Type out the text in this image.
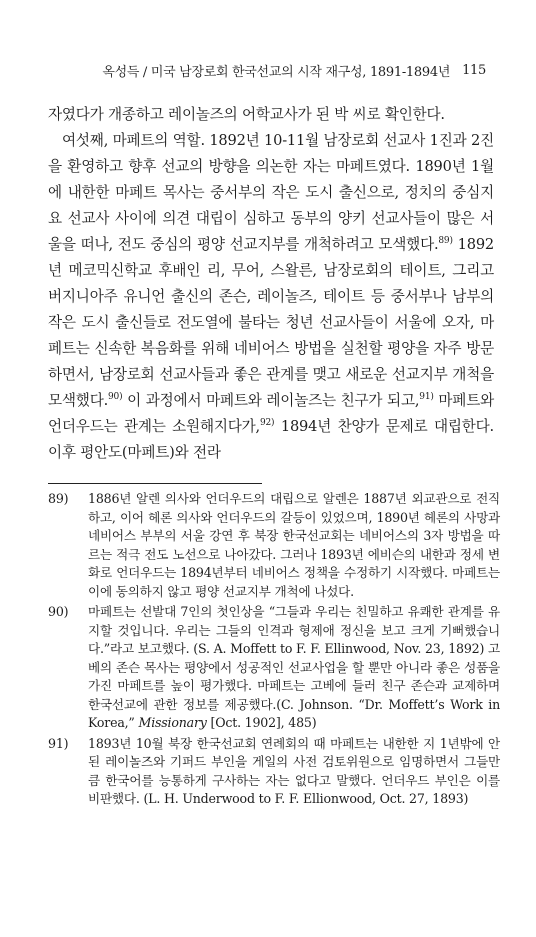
옥성득 / 미국 남장로회 한국선교의 시작 재구성, 1891-1894년 115

자였다가 개종하고 레이놀즈의 어학교사가 된 박 씨로 확인한다.

여섯째, 마페트의 역할. 1892년 10-11월 남장로회 선교사 1진과 2진을 환영하고 향후 선교의 방향을 의논한 자는 마페트였다. 1890년 1월에 내한한 마페트 목사는 중서부의 작은 도시 출신으로, 정치의 중심지요 선교사 사이에 의견 대립이 심하고 동부의 양키 선교사들이 많은 서울을 떠나, 전도 중심의 평양 선교지부를 개척하려고 모색했다.$^{89)}$ 1892년 메코믹신학교 후배인 리, 무어, 스왈른, 남장로회의 테이트, 그리고 버지니아주 유니언 출신의 존슨, 레이놀즈, 테이트 등 중서부나 남부의 작은 도시 출신들로 전도열에 불타는 청년 선교사들이 서울에 오자, 마페트는 신속한 복음화를 위해 네비어스 방법을 실천할 평양을 자주 방문하면서, 남장로회 선교사들과 좋은 관계를 맺고 새로운 선교지부 개척을 모색했다.$^{90)}$ 이 과정에서 마페트와 레이놀즈는 친구가 되고,$^{91)}$ 마페트와 언더우드는 관계는 소원해지다가,$^{92)}$ 1894년 찬양가 문제로 대립한다. 이후 평안도(마페트)와 전라

89)	1886년 알렌 의사와 언더우드의 대립으로 알렌은 1887년 외교관으로 전직하고, 이어 헤론 의사와 언더우드의 갈등이 있었으며, 1890년 헤론의 사망과 네비어스 부부의 서울 강연 후 북장 한국선교회는 네비어스의 3자 방법을 따르는 적극 전도 노선으로 나아갔다. 그러나 1893년 에비슨의 내한과 정세 변화로 언더우드는 1894년부터 네비어스 정책을 수정하기 시작했다. 마페트는 이에 동의하지 않고 평양 선교지부 개척에 나섰다.
90)	마페트는 선발대 7인의 첫인상을 “그들과 우리는 친밀하고 유쾌한 관계를 유지할 것입니다. 우리는 그들의 인격과 형제애 정신을 보고 크게 기뻐했습니다.”라고 보고했다. (S. A. Moffett to F. F. Ellinwood, Nov. 23, 1892) 고베의 존슨 목사는 평양에서 성공적인 선교사업을 할 뿐만 아니라 좋은 성품을 가진 마페트를 높이 평가했다. 마페트는 고베에 들러 친구 존슨과 교제하며 한국선교에 관한 정보를 제공했다.(C. Johnson. “Dr. Moffett’s Work in Korea,” Missionary [Oct. 1902], 485)
91)	1893년 10월 북장 한국선교회 연례회의 때 마페트는 내한한 지 1년밖에 안 된 레이놀즈와 기퍼드 부인을 게일의 사전 검토위원으로 임명하면서 그들만큼 한국어를 능통하게 구사하는 자는 없다고 말했다. 언더우드 부인은 이를 비판했다. (L. H. Underwood to F. F. Ellionwood, Oct. 27, 1893)
